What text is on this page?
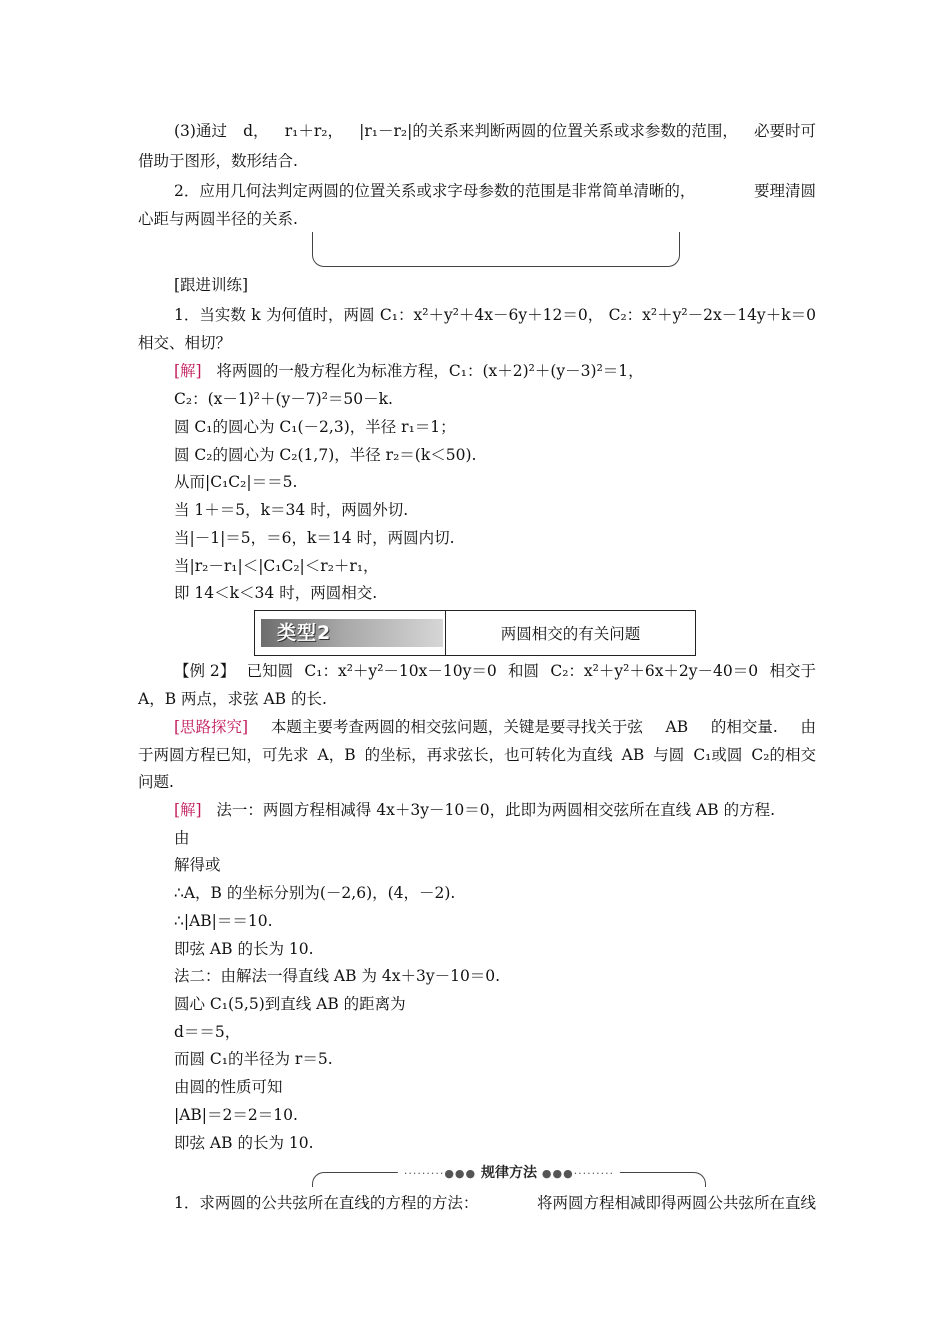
(3)通过 d， r₁＋r₂， |r₁－r₂|的关系来判断两圆的位置关系或求参数的范围， 必要时可
借助于图形，数形结合.
2．应用几何法判定两圆的位置关系或求字母参数的范围是非常简单清晰的，	要理清圆
心距与两圆半径的关系.
[跟进训练]
1．当实数 k 为何值时，两圆 C₁：x²＋y²＋4x－6y＋12＝0， C₂：x²＋y²－2x－14y＋k＝0
相交、相切？
[解] 将两圆的一般方程化为标准方程，C₁：(x＋2)²＋(y－3)²＝1，
C₂：(x－1)²＋(y－7)²＝50－k.
圆 C₁的圆心为 C₁(－2,3)，半径 r₁＝1；
圆 C₂的圆心为 C₂(1,7)，半径 r₂＝(k＜50).
从而|C₁C₂|＝＝5.
当 1＋＝5，k＝34 时，两圆外切.
当|－1|＝5，＝6，k＝14 时，两圆内切.
当|r₂－r₁|＜|C₁C₂|＜r₂＋r₁，
即 14＜k＜34 时，两圆相交.
类型2	两圆相交的有关问题
【例 2】 已知圆 C₁：x²＋y²－10x－10y＝0 和圆 C₂：x²＋y²＋6x＋2y－40＝0 相交于
A，B 两点，求弦 AB 的长.
[思路探究] 本题主要考查两圆的相交弦问题，关键是要寻找关于弦 AB 的相交量. 由
于两圆方程已知，可先求 A，B 的坐标，再求弦长，也可转化为直线 AB 与圆 C₁或圆 C₂的相交
问题.
[解] 法一：两圆方程相减得 4x＋3y－10＝0，此即为两圆相交弦所在直线 AB 的方程.
由
解得或
∴A，B 的坐标分别为(－2,6)，(4，－2).
∴|AB|＝＝10.
即弦 AB 的长为 10.
法二：由解法一得直线 AB 为 4x＋3y－10＝0.
圆心 C₁(5,5)到直线 AB 的距离为
d＝＝5，
而圆 C₁的半径为 r＝5.
由圆的性质可知
|AB|＝2＝2＝10.
即弦 AB 的长为 10.
·········●●● 规律方法 ●●●·········
1．求两圆的公共弦所在直线的方程的方法：	将两圆方程相减即得两圆公共弦所在直线
